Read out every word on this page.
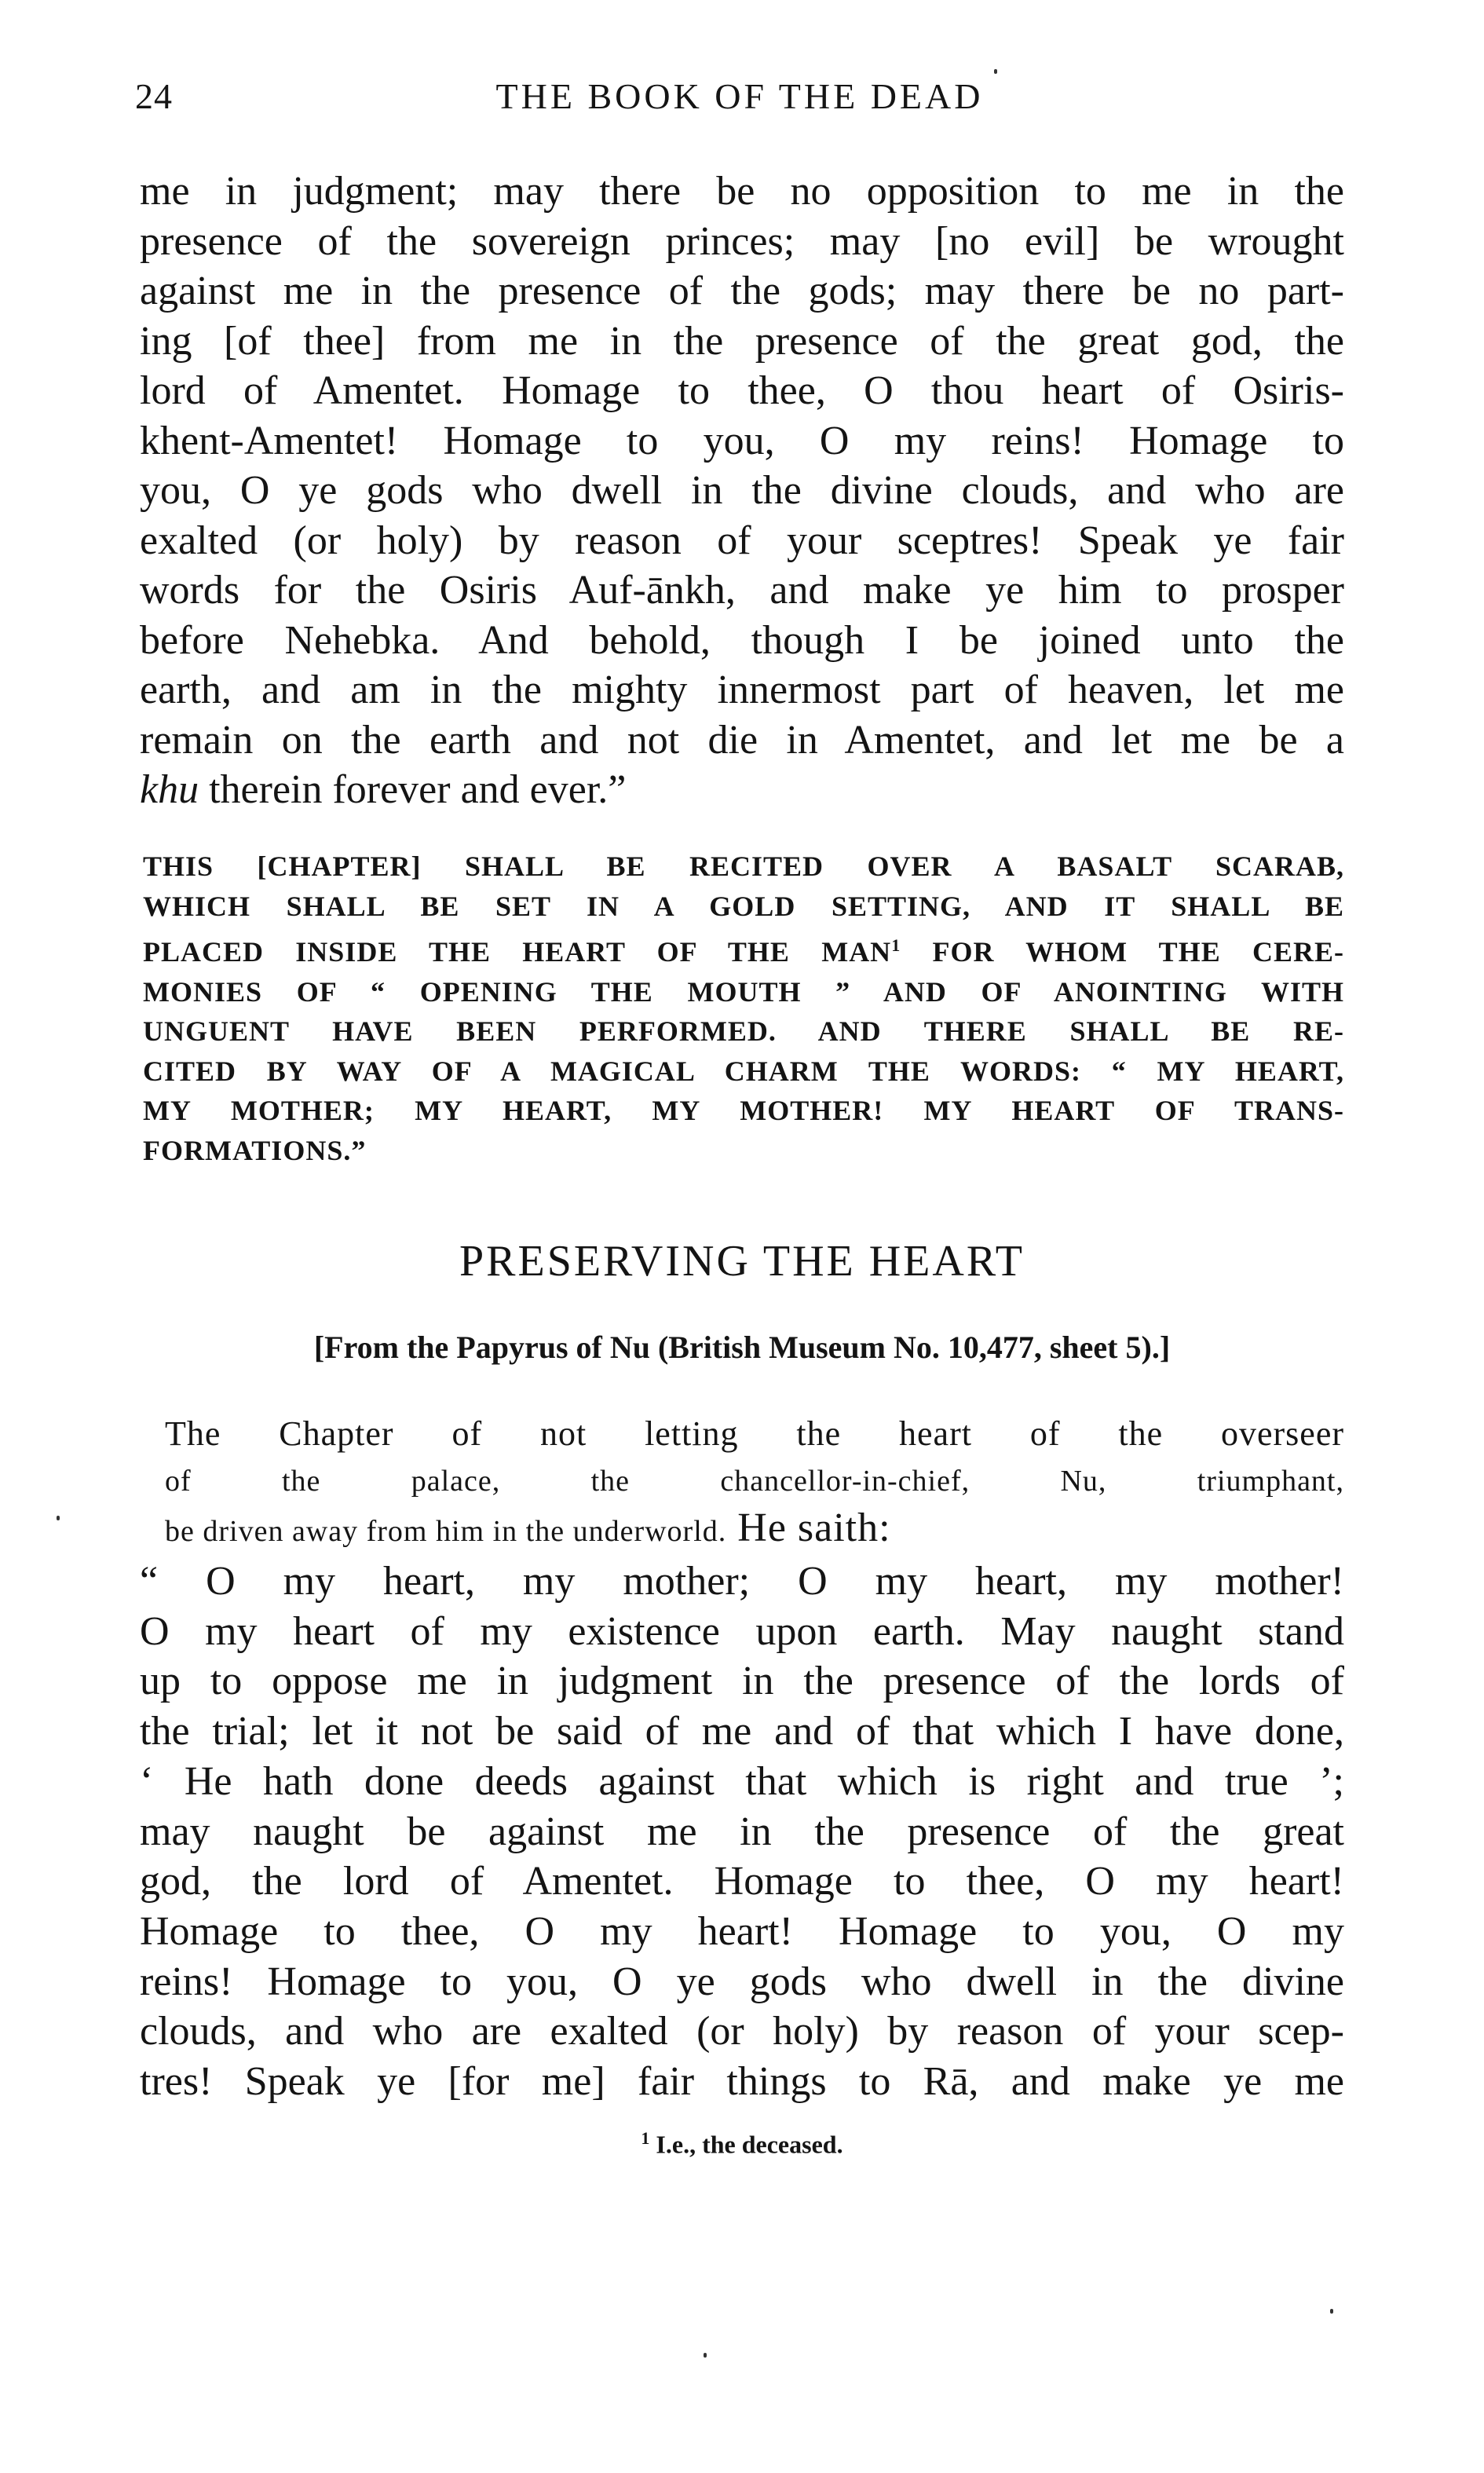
24	THE BOOK OF THE DEAD

me in judgment; may there be no opposition to me in the
presence of the sovereign princes; may [no evil] be wrought
against me in the presence of the gods; may there be no part-
ing [of thee] from me in the presence of the great god, the
lord of Amentet. Homage to thee, O thou heart of Osiris-
khent-Amentet! Homage to you, O my reins! Homage to
you, O ye gods who dwell in the divine clouds, and who are
exalted (or holy) by reason of your sceptres! Speak ye fair
words for the Osiris Auf-ānkh, and make ye him to prosper
before Nehebka. And behold, though I be joined unto the
earth, and am in the mighty innermost part of heaven, let me
remain on the earth and not die in Amentet, and let me be a
khu therein forever and ever.”

THIS [CHAPTER] SHALL BE RECITED OVER A BASALT SCARAB,
WHICH SHALL BE SET IN A GOLD SETTING, AND IT SHALL BE
PLACED INSIDE THE HEART OF THE MAN$^1$ FOR WHOM THE CERE-
MONIES OF “ OPENING THE MOUTH ” AND OF ANOINTING WITH
UNGUENT HAVE BEEN PERFORMED. AND THERE SHALL BE RE-
CITED BY WAY OF A MAGICAL CHARM THE WORDS: “ MY HEART,
MY MOTHER; MY HEART, MY MOTHER! MY HEART OF TRANS-
FORMATIONS.”

PRESERVING THE HEART

[From the Papyrus of Nu (British Museum No. 10,477, sheet 5).]

The Chapter of not letting the heart of the overseer
of the palace, the chancellor-in-chief, Nu, triumphant,
be driven away from him in the underworld. He saith:

“ O my heart, my mother; O my heart, my mother!
O my heart of my existence upon earth. May naught stand
up to oppose me in judgment in the presence of the lords of
the trial; let it not be said of me and of that which I have done,
‘ He hath done deeds against that which is right and true ’;
may naught be against me in the presence of the great
god, the lord of Amentet. Homage to thee, O my heart!
Homage to thee, O my heart! Homage to you, O my
reins! Homage to you, O ye gods who dwell in the divine
clouds, and who are exalted (or holy) by reason of your scep-
tres! Speak ye [for me] fair things to Rā, and make ye me

$^1$ I.e., the deceased.
